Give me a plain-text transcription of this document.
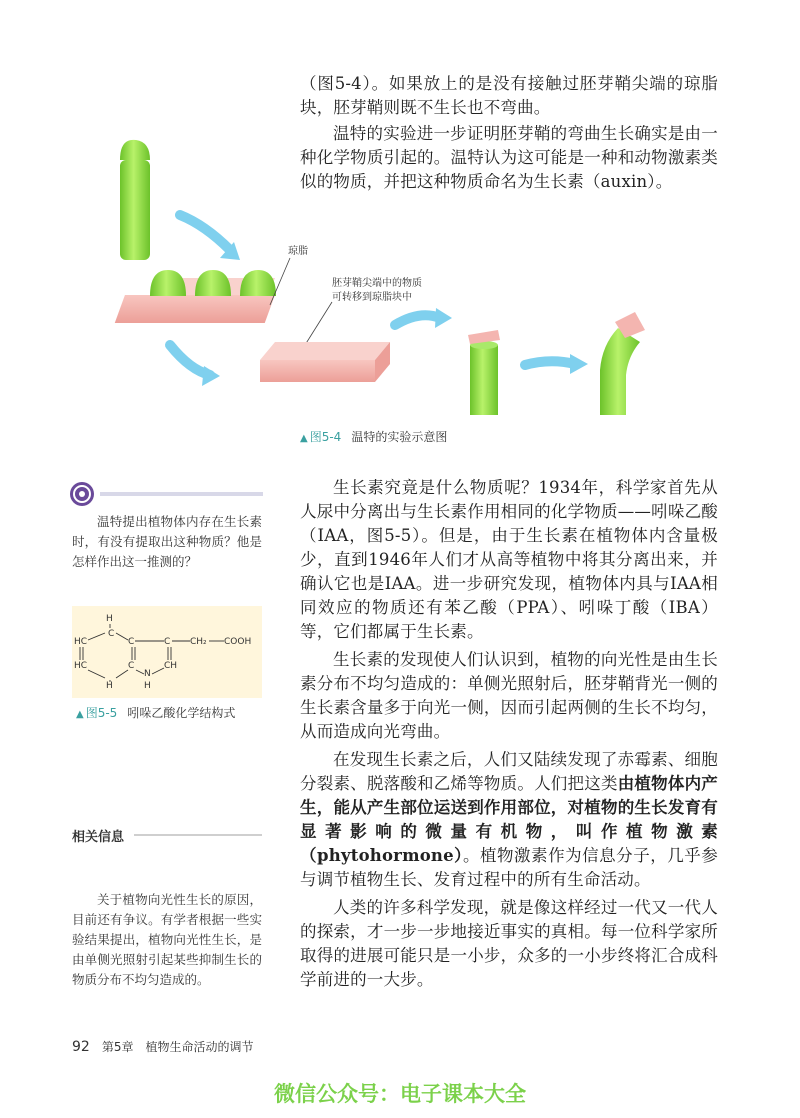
（图5-4）。如果放上的是没有接触过胚芽鞘尖端的琼脂块，胚芽鞘则既不生长也不弯曲。

温特的实验进一步证明胚芽鞘的弯曲生长确实是由一种化学物质引起的。温特认为这可能是一种和动物激素类似的物质，并把这种物质命名为生长素（auxin）。

琼脂
胚芽鞘尖端中的物质
可转移到琼脂块中
▲ 图5-4 温特的实验示意图
温特提出植物体内存在生长素时，有没有提取出这种物质？他是怎样作出这一推测的？
H
C
HC	C	C CH₂ COOH
HC	C	CH
N
H
H
▲ 图5-5 吲哚乙酸化学结构式

生长素究竟是什么物质呢？1934年，科学家首先从人尿中分离出与生长素作用相同的化学物质——吲哚乙酸（IAA，图5-5）。但是，由于生长素在植物体内含量极少，直到1946年人们才从高等植物中将其分离出来，并确认它也是IAA。进一步研究发现，植物体内具与IAA相同效应的物质还有苯乙酸（PPA）、吲哚丁酸（IBA）等，它们都属于生长素。

生长素的发现使人们认识到，植物的向光性是由生长素分布不均匀造成的：单侧光照射后，胚芽鞘背光一侧的生长素含量多于向光一侧，因而引起两侧的生长不均匀，从而造成向光弯曲。

在发现生长素之后，人们又陆续发现了赤霉素、细胞分裂素、脱落酸和乙烯等物质。人们把这类由植物体内产生，能从产生部位运送到作用部位，对植物的生长发育有显著影响的微量有机物，叫作植物激素（phytohormone）。植物激素作为信息分子，几乎参与调节植物生长、发育过程中的所有生命活动。

人类的许多科学发现，就是像这样经过一代又一代人的探索，才一步一步地接近事实的真相。每一位科学家所取得的进展可能只是一小步，众多的一小步终将汇合成科学前进的一大步。

相关信息
关于植物向光性生长的原因，目前还有争议。有学者根据一些实验结果提出，植物向光性生长，是由单侧光照射引起某些抑制生长的物质分布不均匀造成的。
92 第5章　植物生命活动的调节
微信公众号：电子课本大全
